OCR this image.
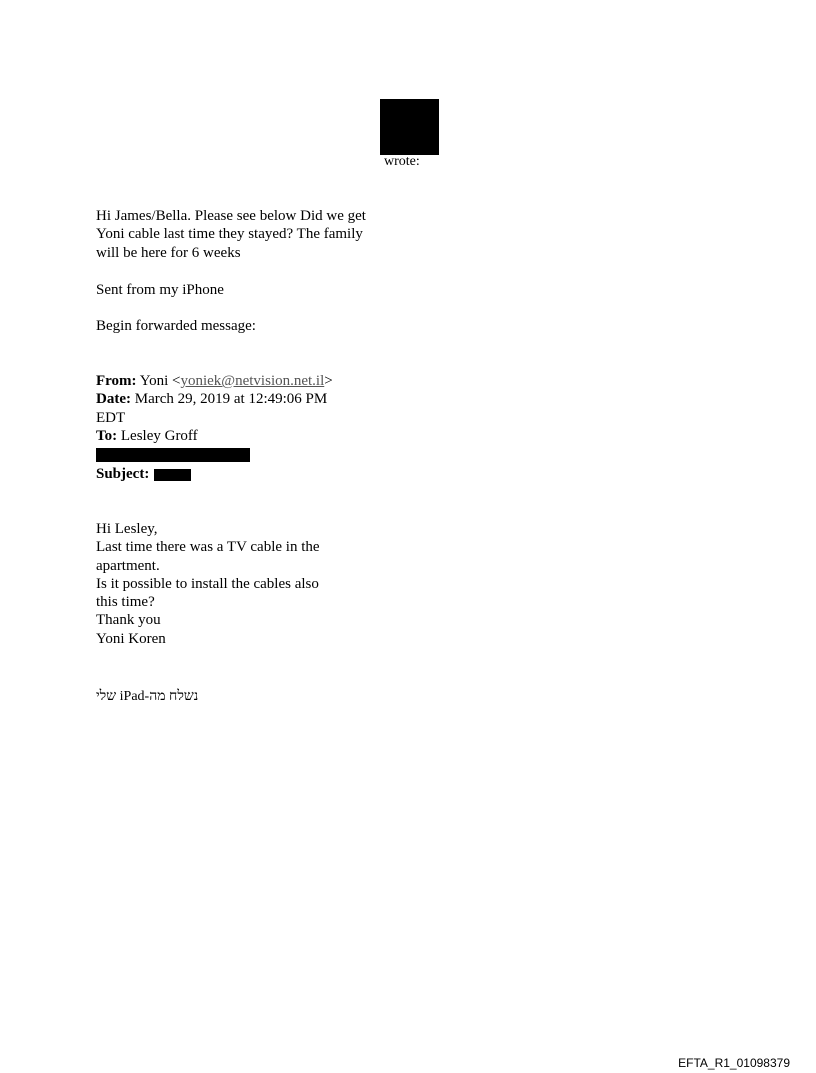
wrote:
Hi James/Bella. Please see below Did we get
Yoni cable last time they stayed? The family
will be here for 6 weeks
Sent from my iPhone
Begin forwarded message:
From: Yoni <yoniek@netvision.net.il>
Date: March 29, 2019 at 12:49:06 PM
EDT
To: Lesley Groff
Subject:
Hi Lesley,
Last time there was a TV cable in the
apartment.
Is it possible to install the cables also
this time?
Thank you
Yoni Koren
נשלח מה-iPad שלי
EFTA_R1_01098379
